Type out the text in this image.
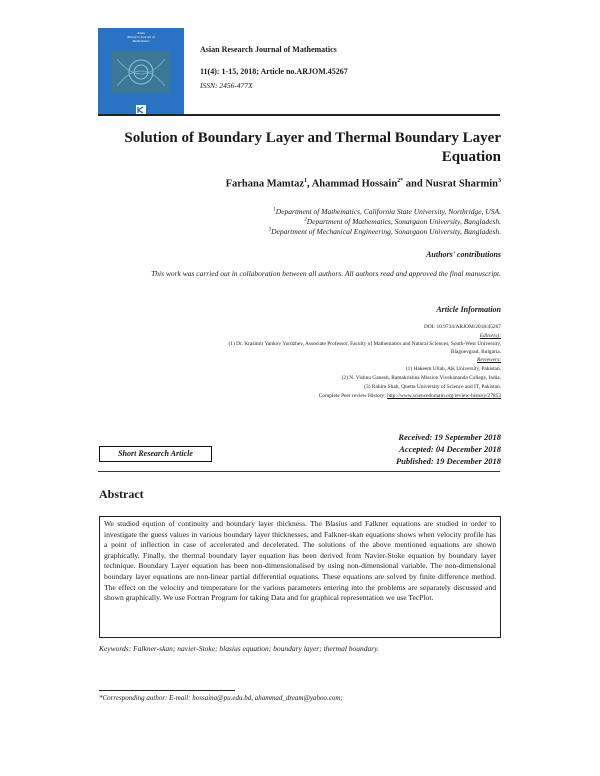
Asian
Research Journal of
Mathematics
Asian Research Journal of Mathematics
11(4): 1-15, 2018; Article no.ARJOM.45267
ISSN: 2456-477X
Solution of Boundary Layer and Thermal Boundary Layer Equation
Farhana Mamtaz$^1$, Ahammad Hossain$^{2*}$ and Nusrat Sharmin$^3$
$^1$Department of Mathematics, California State University, Northridge, USA.
$^2$Department of Mathematics, Sonargaon University, Bangladesh.
$^3$Department of Mechanical Engineering, Sonargaon University, Bangladesh.
Authors' contributions
This work was carried out in collaboration between all authors. All authors read and approved the final manuscript.
Article Information
DOI: 10.9734/ARJOM/2018/45267
Editor(s):
(1) Dr. Krasimir Yankov Yordzhev, Associate Professor, Faculty of Mathematics and Natural Sciences, South-West University,
Blagoevgrad, Bulgaria.
Reviewers:
(1) Hakeem Ullah, AK University, Pakistan.
(2) N. Vishnu Ganesh, Ramakrishna Mission Vivekananda College, India.
(3) Rahim Shah, Quetta University of Science and IT, Pakistan.
Complete Peer review History: http://www.sciencedomain.org/review-history/27853
Received: 19 September 2018
Accepted: 04 December 2018
Published: 19 December 2018
Short Research Article
Abstract
We studied eqution of continuity and boundary layer thickness. The Blasius and Falkner equations are studied in order to investigate the guess values in various boundary layer thicknesses, and Falkner-skan equations shows when velocity profile has a point of inflection in case of accelerated and decelerated. The solutions of the above mentioned equations are shown graphically. Finally, the thermal boundary layer equation has been derived from Navier-Stoke equation by boundary layer technique. Boundary Layer equation has been non-dimensionalised by using non-dimensional variable. The non-dimensional boundary layer equations are non-linear partial differential equations. These equations are solved by finite difference method. The effect on the velocity and temperature for the various parameters entering into the problems are separately discussed and shown graphically. We use Fortran Program for taking Data and for graphical representation we use TecPlot.
Keywords: Falkner-skan; navier-Stoke; blasius equation; boundary layer; thermal boundary.
*Corresponding author: E-mail: hossaina@pu.edu.bd, ahammad_dream@yahoo.com;
